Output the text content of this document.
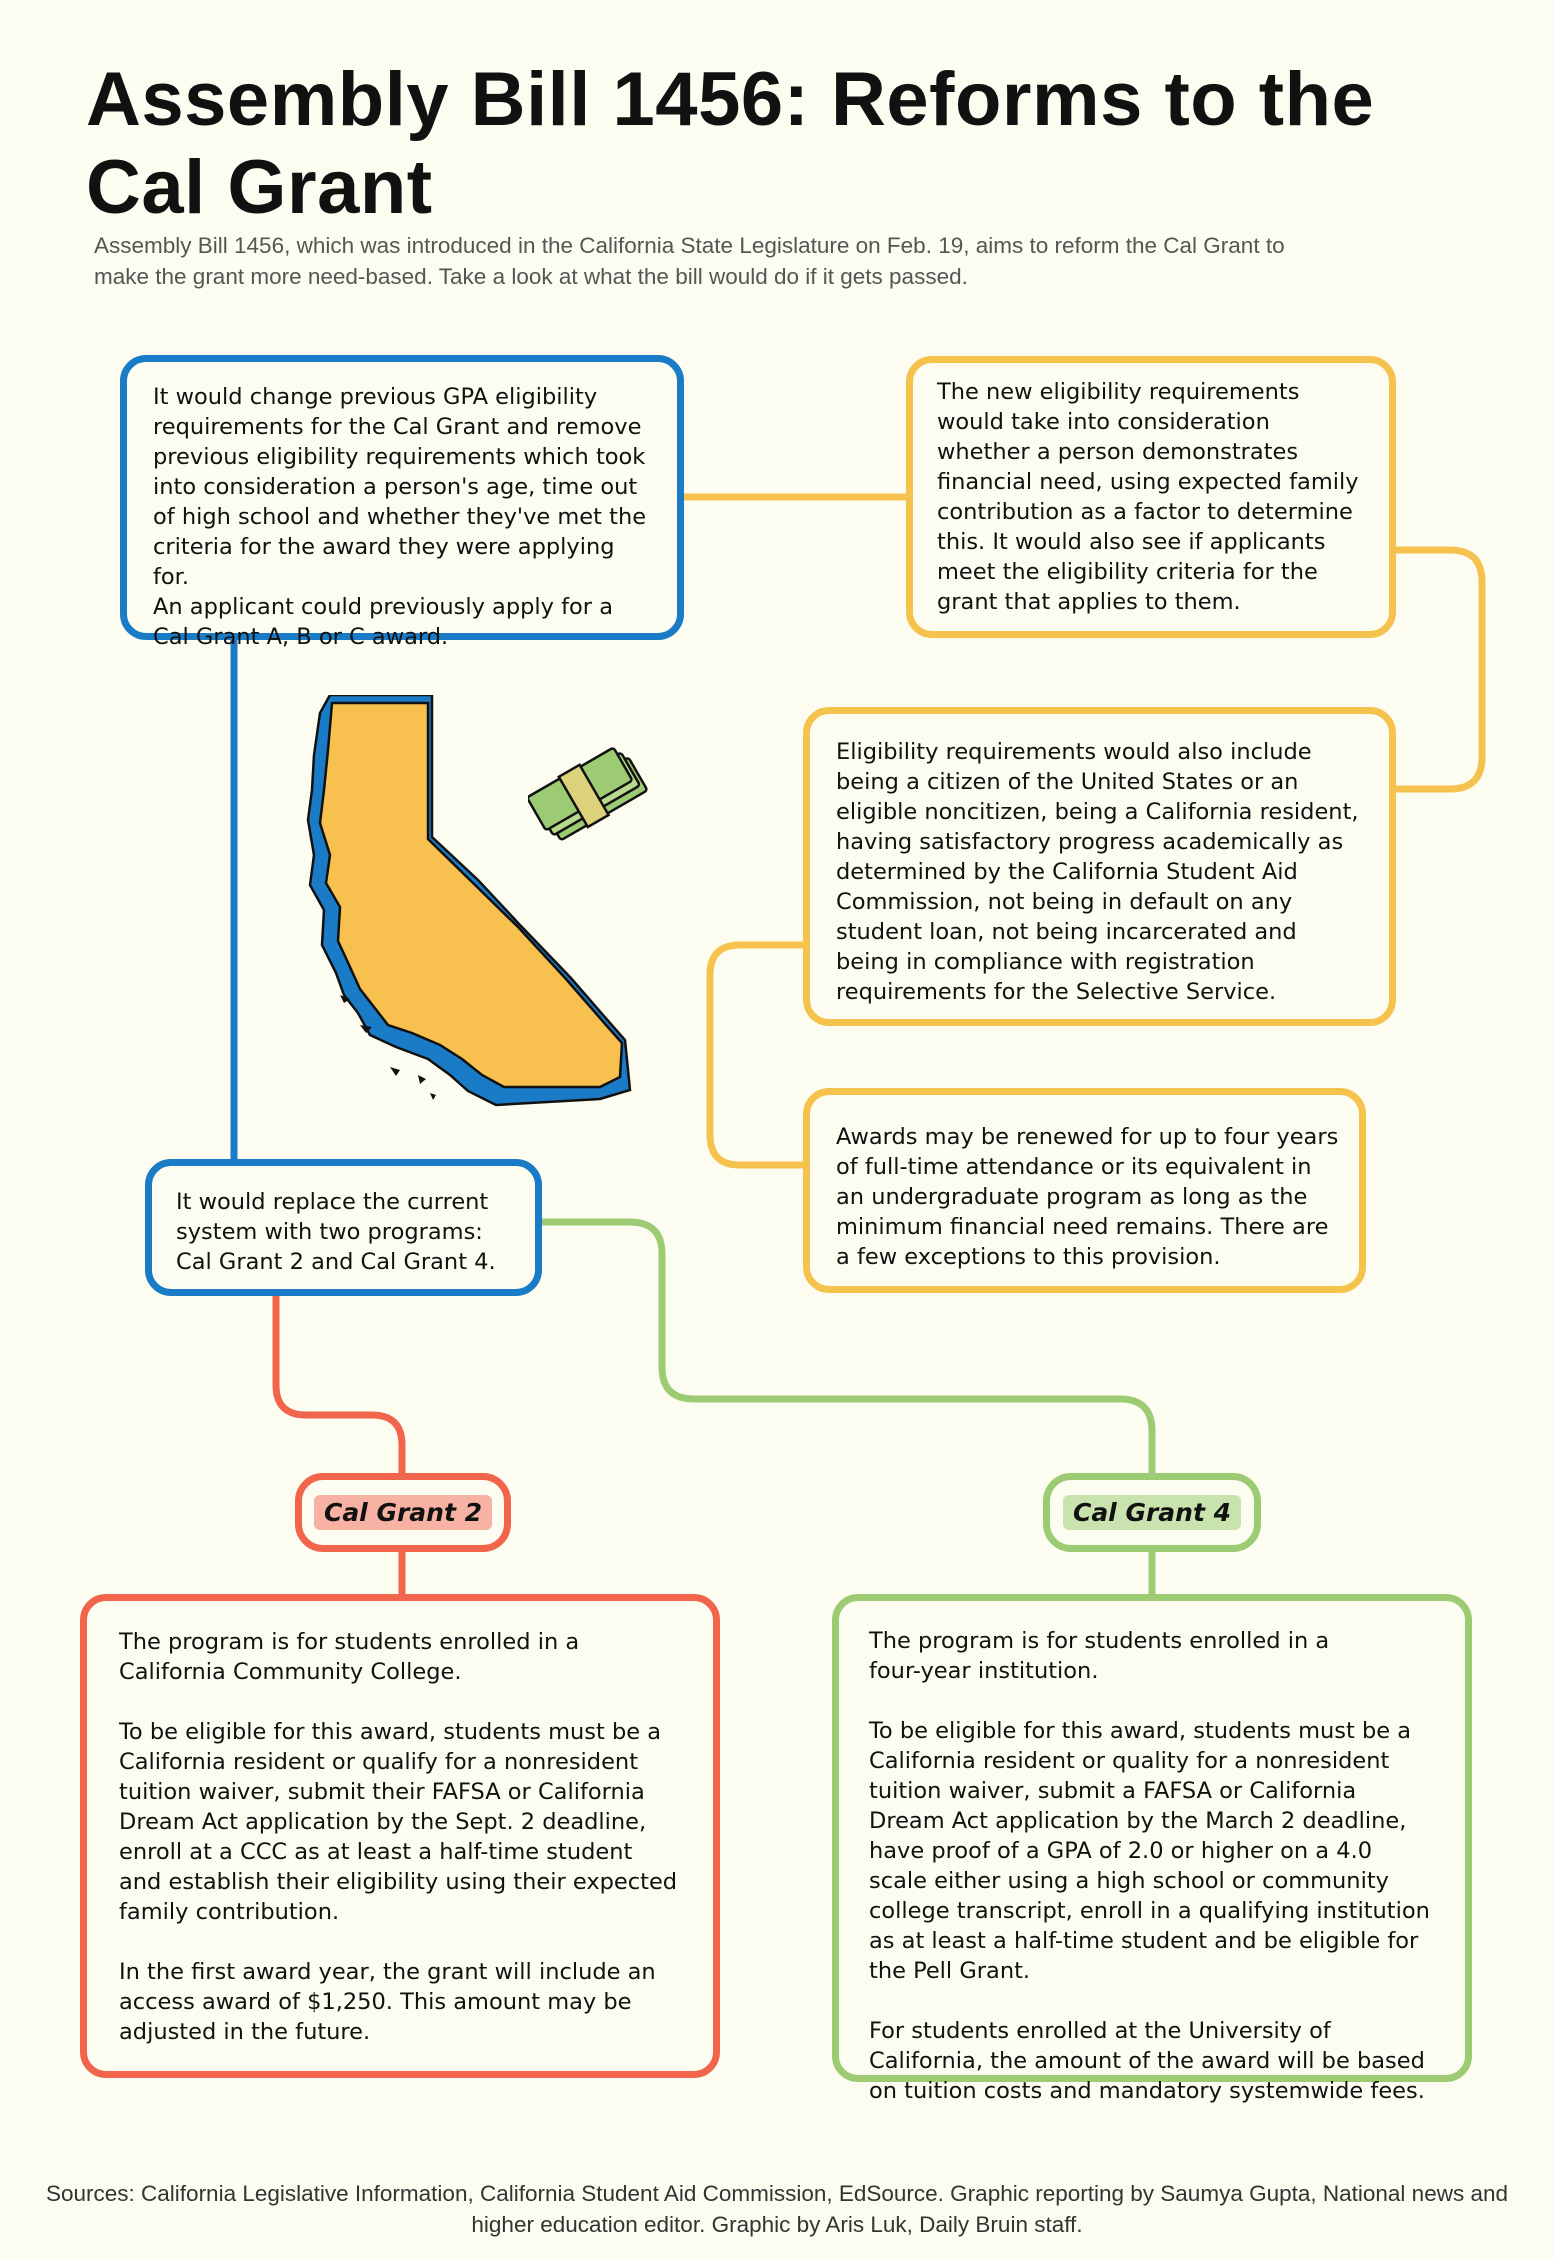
Assembly Bill 1456: Reforms to the Cal Grant

Assembly Bill 1456, which was introduced in the California State Legislature on Feb. 19, aims to reform the Cal Grant to make the grant more need-based. Take a look at what the bill would do if it gets passed.

It would change previous GPA eligibility
requirements for the Cal Grant and remove
previous eligibility requirements which took
into consideration a person's age, time out
of high school and whether they've met the
criteria for the award they were applying for.
An applicant could previously apply for a
Cal Grant A, B or C award.
The new eligibility requirements
would take into consideration
whether a person demonstrates
financial need, using expected family
contribution as a factor to determine
this. It would also see if applicants
meet the eligibility criteria for the
grant that applies to them.
Eligibility requirements would also include
being a citizen of the United States or an
eligible noncitizen, being a California resident,
having satisfactory progress academically as
determined by the California Student Aid
Commission, not being in default on any
student loan, not being incarcerated and
being in compliance with registration
requirements for the Selective Service.
Awards may be renewed for up to four years
of full-time attendance or its equivalent in
an undergraduate program as long as the
minimum financial need remains. There are
a few exceptions to this provision.
It would replace the current
system with two programs:
Cal Grant 2 and Cal Grant 4.
Cal Grant 2	Cal Grant 4
The program is for students enrolled in a
California Community College.

To be eligible for this award, students must be a
California resident or qualify for a nonresident
tuition waiver, submit their FAFSA or California
Dream Act application by the Sept. 2 deadline,
enroll at a CCC as at least a half-time student
and establish their eligibility using their expected
family contribution.

In the first award year, the grant will include an
access award of $1,250. This amount may be
adjusted in the future.
The program is for students enrolled in a
four-year institution.

To be eligible for this award, students must be a
California resident or quality for a nonresident
tuition waiver, submit a FAFSA or California
Dream Act application by the March 2 deadline,
have proof of a GPA of 2.0 or higher on a 4.0
scale either using a high school or community
college transcript, enroll in a qualifying institution
as at least a half-time student and be eligible for
the Pell Grant.

For students enrolled at the University of
California, the amount of the award will be based
on tuition costs and mandatory systemwide fees.

Sources: California Legislative Information, California Student Aid Commission, EdSource. Graphic reporting by Saumya Gupta, National news and higher education editor. Graphic by Aris Luk, Daily Bruin staff.
